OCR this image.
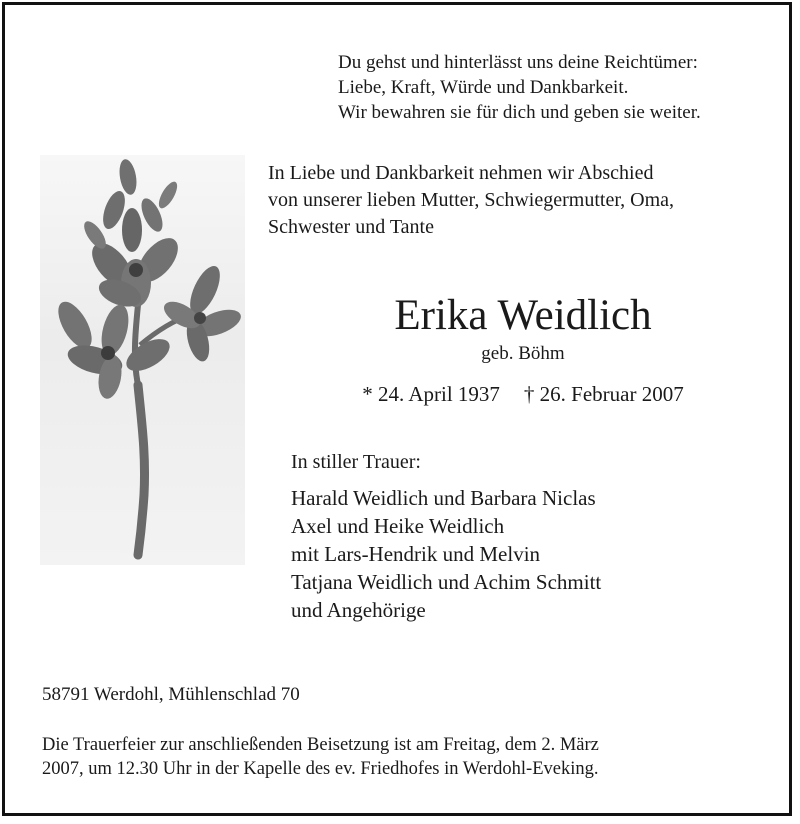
Du gehst und hinterlässt uns deine Reichtümer:
Liebe, Kraft, Würde und Dankbarkeit.
Wir bewahren sie für dich und geben sie weiter.
In Liebe und Dankbarkeit nehmen wir Abschied
von unserer lieben Mutter, Schwiegermutter, Oma,
Schwester und Tante
Erika Weidlich
geb. Böhm
* 24. April 1937 † 26. Februar 2007
In stiller Trauer:
Harald Weidlich und Barbara Niclas
Axel und Heike Weidlich
mit Lars-Hendrik und Melvin
Tatjana Weidlich und Achim Schmitt
und Angehörige
58791 Werdohl, Mühlenschlad 70
Die Trauerfeier zur anschließenden Beisetzung ist am Freitag, dem 2. März
2007, um 12.30 Uhr in der Kapelle des ev. Friedhofes in Werdohl-Eveking.
